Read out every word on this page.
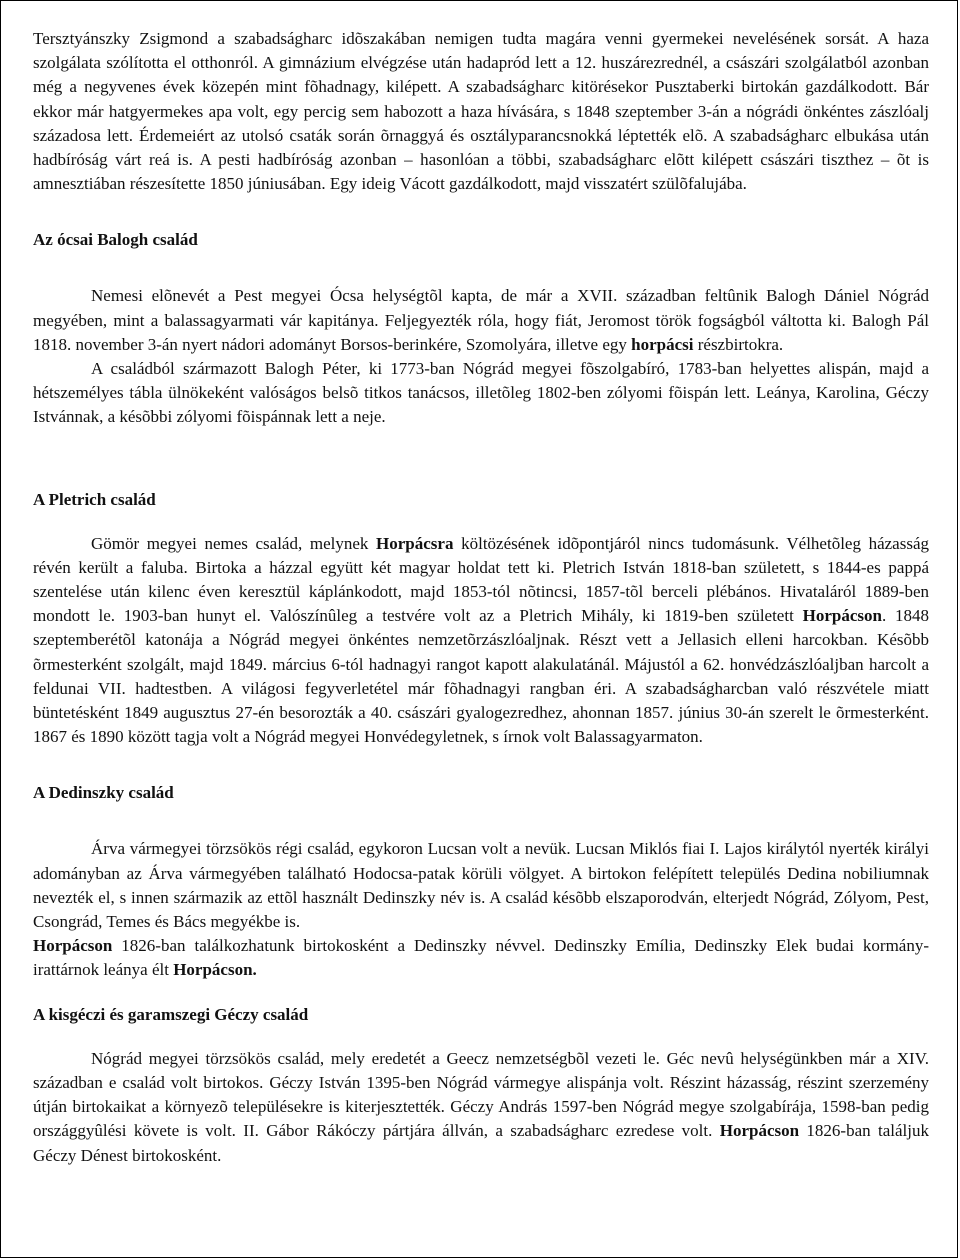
Tersztyánszky Zsigmond a szabadságharc idõszakában nemigen tudta magára venni gyermekei nevelésének sorsát. A haza szolgálata szólította el otthonról. A gimnázium elvégzése után hadapród lett a 12. huszárezrednél, a császári szolgálatból azonban még a negyvenes évek közepén mint fõhadnagy, kilépett. A szabadságharc kitörésekor Pusztaberki birtokán gazdálkodott. Bár ekkor már hatgyermekes apa volt, egy percig sem habozott a haza hívására, s 1848 szeptember 3-án a nógrádi önkéntes zászlóalj századosa lett. Érdemeiért az utolsó csaták során õrnaggyá és osztályparancsnokká léptették elõ. A szabadságharc elbukása után hadbíróság várt reá is. A pesti hadbíróság azonban – hasonlóan a többi, szabadságharc elõtt kilépett császári tiszthez – õt is amnesztiában részesítette 1850 júniusában. Egy ideig Vácott gazdálkodott, majd visszatért szülõfalujába.

Az ócsai Balogh család

Nemesi elõnevét a Pest megyei Ócsa helységtõl kapta, de már a XVII. században feltûnik Balogh Dániel Nógrád megyében, mint a balassagyarmati vár kapitánya. Feljegyezték róla, hogy fiát, Jeromost török fogságból váltotta ki. Balogh Pál 1818. november 3-án nyert nádori adományt Borsos-berinkére, Szomolyára, illetve egy horpácsi részbirtokra.

A családból származott Balogh Péter, ki 1773-ban Nógrád megyei fõszolgabíró, 1783-ban helyettes alispán, majd a hétszemélyes tábla ülnökeként valóságos belsõ titkos tanácsos, illetõleg 1802-ben zólyomi fõispán lett. Leánya, Karolina, Géczy Istvánnak, a késõbbi zólyomi fõispánnak lett a neje.

A Pletrich család

Gömör megyei nemes család, melynek Horpácsra költözésének idõpontjáról nincs tudomásunk. Vélhetõleg házasság révén került a faluba. Birtoka a házzal együtt két magyar holdat tett ki. Pletrich István 1818-ban született, s 1844-es pappá szentelése után kilenc éven keresztül káplánkodott, majd 1853-tól nõtincsi, 1857-tõl berceli plébános. Hivataláról 1889-ben mondott le. 1903-ban hunyt el. Valószínûleg a testvére volt az a Pletrich Mihály, ki 1819-ben született Horpácson. 1848 szeptemberétõl katonája a Nógrád megyei önkéntes nemzetõrzászlóaljnak. Részt vett a Jellasich elleni harcokban. Késõbb õrmesterként szolgált, majd 1849. március 6-tól hadnagyi rangot kapott alakulatánál. Májustól a 62. honvédzászlóaljban harcolt a feldunai VII. hadtestben. A világosi fegyverletétel már fõhadnagyi rangban éri. A szabadságharcban való részvétele miatt büntetésként 1849 augusztus 27-én besorozták a 40. császári gyalogezredhez, ahonnan 1857. június 30-án szerelt le õrmesterként. 1867 és 1890 között tagja volt a Nógrád megyei Honvédegyletnek, s írnok volt Balassagyarmaton.

A Dedinszky család

Árva vármegyei törzsökös régi család, egykoron Lucsan volt a nevük. Lucsan Miklós fiai I. Lajos királytól nyerték királyi adományban az Árva vármegyében található Hodocsa-patak körüli völgyet. A birtokon felépített település Dedina nobiliumnak nevezték el, s innen származik az ettõl használt Dedinszky név is. A család késõbb elszaporodván, elterjedt Nógrád, Zólyom, Pest, Csongrád, Temes és Bács megyékbe is.

Horpácson 1826-ban találkozhatunk birtokosként a Dedinszky névvel. Dedinszky Emília, Dedinszky Elek budai kormány-irattárnok leánya élt Horpácson.

A kisgéczi és garamszegi Géczy család

Nógrád megyei törzsökös család, mely eredetét a Geecz nemzetségbõl vezeti le. Géc nevû helységünkben már a XIV. században e család volt birtokos. Géczy István 1395-ben Nógrád vármegye alispánja volt. Részint házasság, részint szerzemény útján birtokaikat a környezõ településekre is kiterjesztették. Géczy András 1597-ben Nógrád megye szolgabírája, 1598-ban pedig országgyûlési követe is volt. II. Gábor Rákóczy pártjára állván, a szabadságharc ezredese volt. Horpácson 1826-ban találjuk Géczy Dénest birtokosként.
